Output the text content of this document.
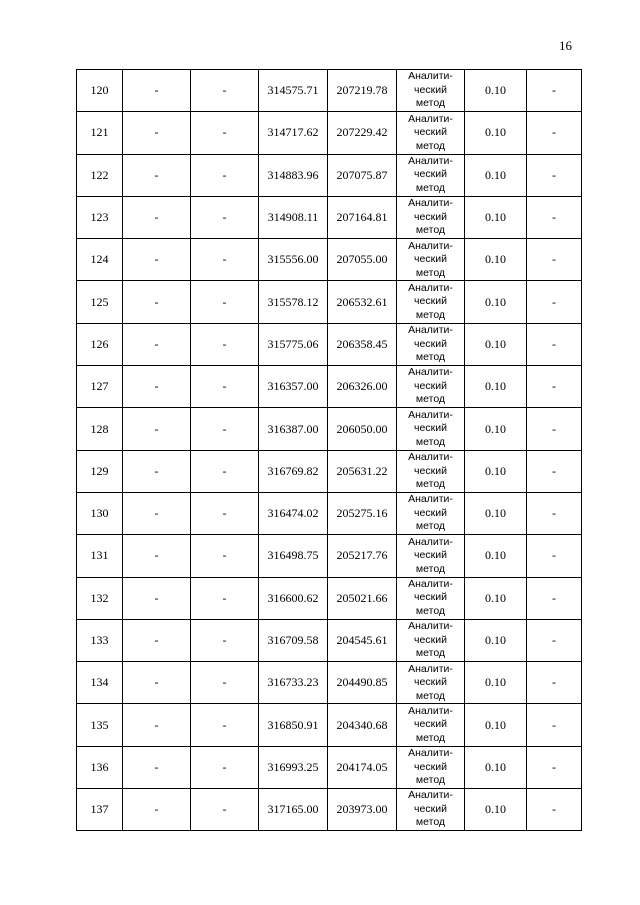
16
120	-	-	314575.71	207219.78	Аналити-
ческий
метод	0.10	-
121	-	-	314717.62	207229.42	Аналити-
ческий
метод	0.10	-
122	-	-	314883.96	207075.87	Аналити-
ческий
метод	0.10	-
123	-	-	314908.11	207164.81	Аналити-
ческий
метод	0.10	-
124	-	-	315556.00	207055.00	Аналити-
ческий
метод	0.10	-
125	-	-	315578.12	206532.61	Аналити-
ческий
метод	0.10	-
126	-	-	315775.06	206358.45	Аналити-
ческий
метод	0.10	-
127	-	-	316357.00	206326.00	Аналити-
ческий
метод	0.10	-
128	-	-	316387.00	206050.00	Аналити-
ческий
метод	0.10	-
129	-	-	316769.82	205631.22	Аналити-
ческий
метод	0.10	-
130	-	-	316474.02	205275.16	Аналити-
ческий
метод	0.10	-
131	-	-	316498.75	205217.76	Аналити-
ческий
метод	0.10	-
132	-	-	316600.62	205021.66	Аналити-
ческий
метод	0.10	-
133	-	-	316709.58	204545.61	Аналити-
ческий
метод	0.10	-
134	-	-	316733.23	204490.85	Аналити-
ческий
метод	0.10	-
135	-	-	316850.91	204340.68	Аналити-
ческий
метод	0.10	-
136	-	-	316993.25	204174.05	Аналити-
ческий
метод	0.10	-
137	-	-	317165.00	203973.00	Аналити-
ческий
метод	0.10	-
